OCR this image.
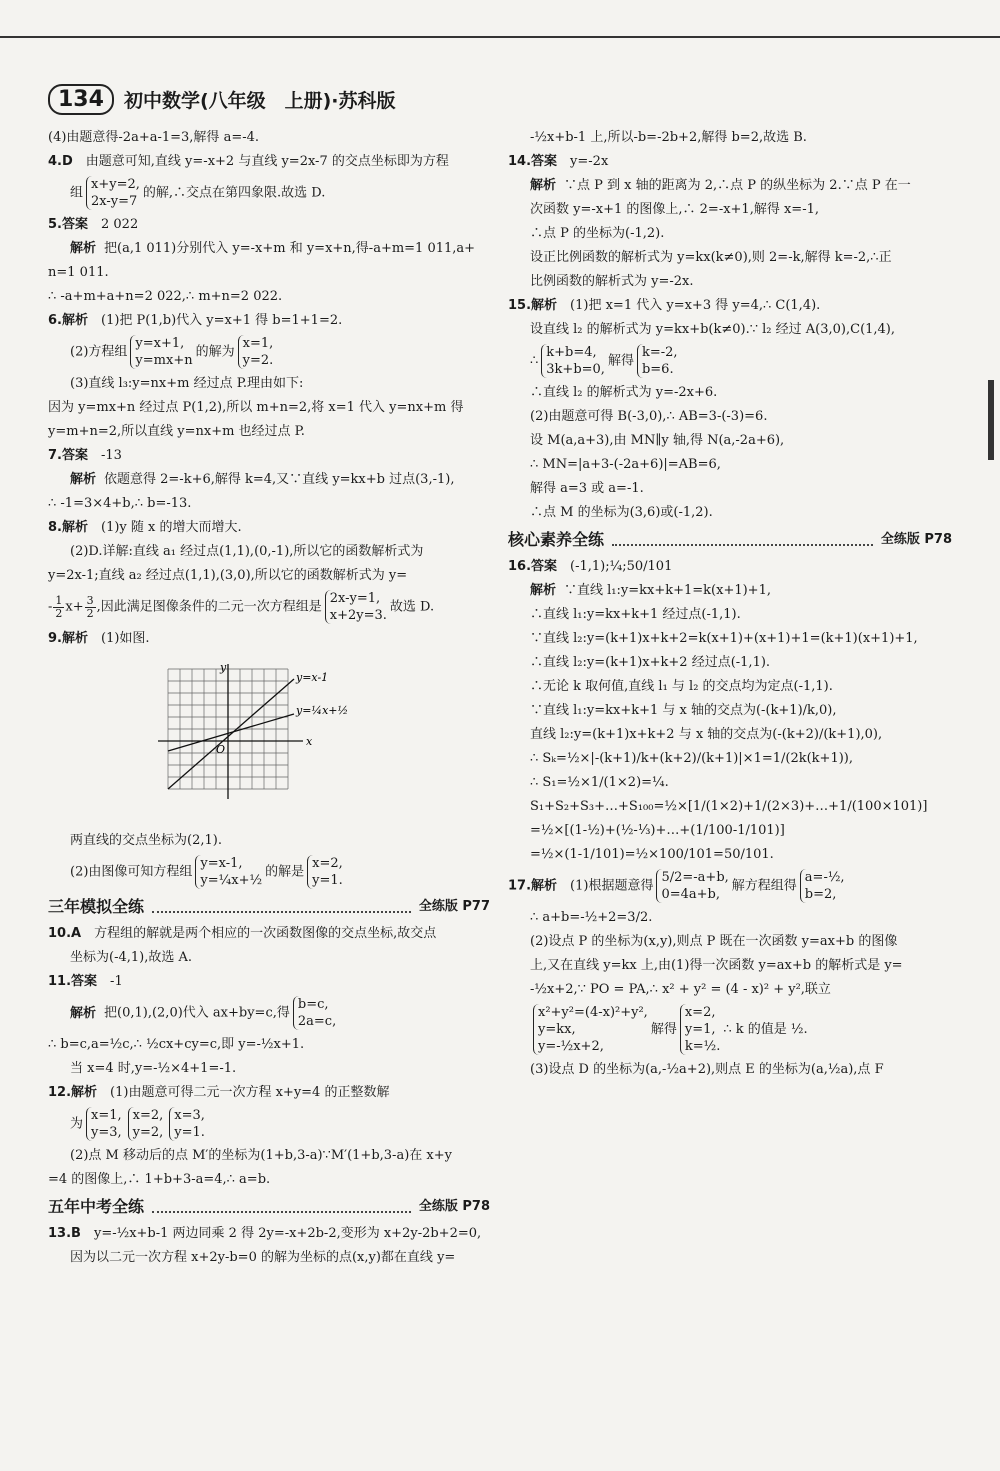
134	初中数学(八年级　上册)·苏科版

(4)由题意得-2a+a-1=3,解得 a=-4.

4.D　 由题意可知,直线 y=-x+2 与直线 y=2x-7 的交点坐标即为方程

组
x+y=2,
2x-y=7
的解,∴交点在第四象限.故选 D.

5.答案　 2 022

解析 把(a,1 011)分别代入 y=-x+m 和 y=x+n,得-a+m=1 011,a+

n=1 011.

∴ -a+m+a+n=2 022,∴ m+n=2 022.

6.解析　 (1)把 P(1,b)代入 y=x+1 得 b=1+1=2.

(2)方程组
y=x+1,
y=mx+n
的解为
x=1,
y=2.

(3)直线 l₃:y=nx+m 经过点 P.理由如下:

因为 y=mx+n 经过点 P(1,2),所以 m+n=2,将 x=1 代入 y=nx+m 得

y=m+n=2,所以直线 y=nx+m 也经过点 P.

7.答案　 -13

解析 依题意得 2=-k+6,解得 k=4,又∵直线 y=kx+b 过点(3,-1),

∴ -1=3×4+b,∴ b=-13.

8.解析　 (1)y 随 x 的增大而增大.

(2)D.详解:直线 a₁ 经过点(1,1),(0,-1),所以它的函数解析式为

y=2x-1;直线 a₂ 经过点(1,1),(3,0),所以它的函数解析式为 y=

- $\frac{1}{2} x+ \frac{3}{2}$ ,因此满足图像条件的二元一次方程组是
2x-y=1,
x+2y=3.
故选 D.

9.解析　 (1)如图.

y
x
O
y=x-1
y=¼x+½

两直线的交点坐标为(2,1).

(2)由图像可知方程组
y=x-1,
y=¼x+½
的解是
x=2,
y=1.

三年模拟全练	全练版 P77

10.A　 方程组的解就是两个相应的一次函数图像的交点坐标,故交点

坐标为(-4,1),故选 A.

11.答案　 -1

解析 把(0,1),(2,0)代入 ax+by=c,得
b=c,
2a=c,

∴ b=c,a=½c,∴ ½cx+cy=c,即 y=-½x+1.

当 x=4 时,y=-½×4+1=-1.

12.解析　 (1)由题意可得二元一次方程 x+y=4 的正整数解

为
x=1,
y=3,
x=2,
y=2,
x=3,
y=1.

(2)点 M 移动后的点 M′的坐标为(1+b,3-a)∵M′(1+b,3-a)在 x+y

=4 的图像上,∴ 1+b+3-a=4,∴ a=b.

五年中考全练	全练版 P78

13.B　 y=-½x+b-1 两边同乘 2 得 2y=-x+2b-2,变形为 x+2y-2b+2=0,

因为以二元一次方程 x+2y-b=0 的解为坐标的点(x,y)都在直线 y=

-½x+b-1 上,所以-b=-2b+2,解得 b=2,故选 B.

14.答案　 y=-2x

解析 ∵点 P 到 x 轴的距离为 2,∴点 P 的纵坐标为 2.∵点 P 在一

次函数 y=-x+1 的图像上,∴ 2=-x+1,解得 x=-1,

∴点 P 的坐标为(-1,2).

设正比例函数的解析式为 y=kx(k≠0),则 2=-k,解得 k=-2,∴正

比例函数的解析式为 y=-2x.

15.解析　 (1)把 x=1 代入 y=x+3 得 y=4,∴ C(1,4).

设直线 l₂ 的解析式为 y=kx+b(k≠0).∵ l₂ 经过 A(3,0),C(1,4),

∴
k+b=4,
3k+b=0,
解得
k=-2,
b=6.

∴直线 l₂ 的解析式为 y=-2x+6.

(2)由题意可得 B(-3,0),∴ AB=3-(-3)=6.

设 M(a,a+3),由 MN∥y 轴,得 N(a,-2a+6),

∴ MN=|a+3-(-2a+6)|=AB=6,

解得 a=3 或 a=-1.

∴点 M 的坐标为(3,6)或(-1,2).

核心素养全练	全练版 P78

16.答案　 (-1,1);¼;50/101

解析 ∵直线 l₁:y=kx+k+1=k(x+1)+1,

∴直线 l₁:y=kx+k+1 经过点(-1,1).

∵直线 l₂:y=(k+1)x+k+2=k(x+1)+(x+1)+1=(k+1)(x+1)+1,

∴直线 l₂:y=(k+1)x+k+2 经过点(-1,1).

∴无论 k 取何值,直线 l₁ 与 l₂ 的交点均为定点(-1,1).

∵直线 l₁:y=kx+k+1 与 x 轴的交点为(-(k+1)/k,0),

直线 l₂:y=(k+1)x+k+2 与 x 轴的交点为(-(k+2)/(k+1),0),

∴ Sₖ=½×|-(k+1)/k+(k+2)/(k+1)|×1=1/(2k(k+1)),

∴ S₁=½×1/(1×2)=¼.

S₁+S₂+S₃+…+S₁₀₀=½×[1/(1×2)+1/(2×3)+…+1/(100×101)]

=½×[(1-½)+(½-⅓)+…+(1/100-1/101)]

=½×(1-1/101)=½×100/101=50/101.

17.解析　 (1)根据题意得
5/2=-a+b,
0=4a+b,
解方程组得
a=-½,
b=2,

∴ a+b=-½+2=3/2.

(2)设点 P 的坐标为(x,y),则点 P 既在一次函数 y=ax+b 的图像

上,又在直线 y=kx 上,由(1)得一次函数 y=ax+b 的解析式是 y=

-½x+2,∵ PO = PA,∴ x² + y² = (4 - x)² + y²,联立

x²+y²=(4-x)²+y²,
y=kx,
y=-½x+2,
解得
x=2,
y=1,
k=½.
∴ k 的值是 ½.

(3)设点 D 的坐标为(a,-½a+2),则点 E 的坐标为(a,½a),点 F
